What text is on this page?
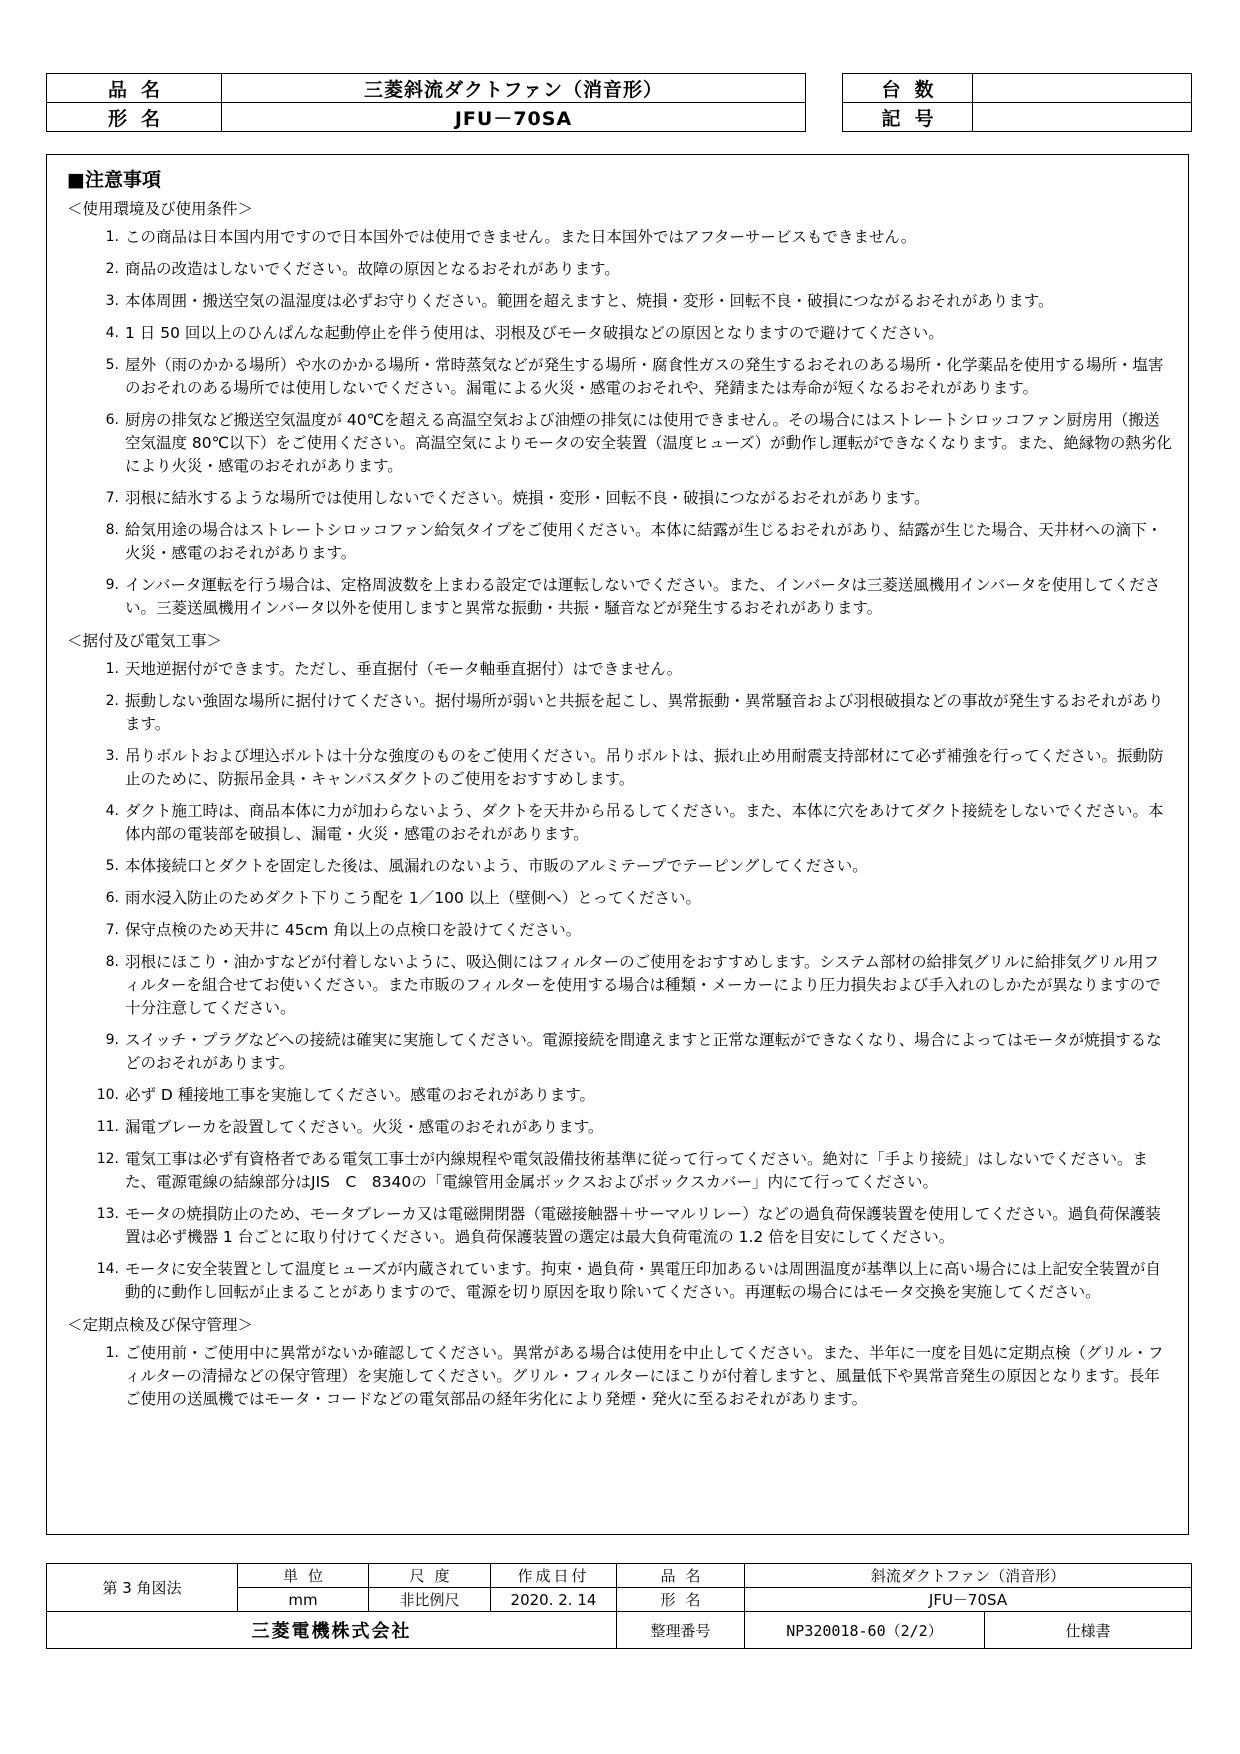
品名	三菱斜流ダクトファン（消音形）
形名	JFU－70SA
台数	
記号	
■注意事項
＜使用環境及び使用条件＞
1. この商品は日本国内用ですので日本国外では使用できません。また日本国外ではアフターサービスもできません。
2. 商品の改造はしないでください。故障の原因となるおそれがあります。
3. 本体周囲・搬送空気の温湿度は必ずお守りください。範囲を超えますと、焼損・変形・回転不良・破損につながるおそれがあります。
4. 1 日 50 回以上のひんぱんな起動停止を伴う使用は、羽根及びモータ破損などの原因となりますので避けてください。
5. 屋外（雨のかかる場所）や水のかかる場所・常時蒸気などが発生する場所・腐食性ガスの発生するおそれのある場所・化学薬品を使用する場所・塩害のおそれのある場所では使用しないでください。漏電による火災・感電のおそれや、発錆または寿命が短くなるおそれがあります。
6. 厨房の排気など搬送空気温度が 40℃を超える高温空気および油煙の排気には使用できません。その場合にはストレートシロッコファン厨房用（搬送空気温度 80℃以下）をご使用ください。高温空気によりモータの安全装置（温度ヒューズ）が動作し運転ができなくなります。また、絶縁物の熱劣化により火災・感電のおそれがあります。
7. 羽根に結氷するような場所では使用しないでください。焼損・変形・回転不良・破損につながるおそれがあります。
8. 給気用途の場合はストレートシロッコファン給気タイプをご使用ください。本体に結露が生じるおそれがあり、結露が生じた場合、天井材への滴下・火災・感電のおそれがあります。
9. インバータ運転を行う場合は、定格周波数を上まわる設定では運転しないでください。また、インバータは三菱送風機用インバータを使用してください。三菱送風機用インバータ以外を使用しますと異常な振動・共振・騒音などが発生するおそれがあります。
＜据付及び電気工事＞
1. 天地逆据付ができます。ただし、垂直据付（モータ軸垂直据付）はできません。
2. 振動しない強固な場所に据付けてください。据付場所が弱いと共振を起こし、異常振動・異常騒音および羽根破損などの事故が発生するおそれがあります。
3. 吊りボルトおよび埋込ボルトは十分な強度のものをご使用ください。吊りボルトは、振れ止め用耐震支持部材にて必ず補強を行ってください。振動防止のために、防振吊金具・キャンバスダクトのご使用をおすすめします。
4. ダクト施工時は、商品本体に力が加わらないよう、ダクトを天井から吊るしてください。また、本体に穴をあけてダクト接続をしないでください。本体内部の電装部を破損し、漏電・火災・感電のおそれがあります。
5. 本体接続口とダクトを固定した後は、風漏れのないよう、市販のアルミテープでテーピングしてください。
6. 雨水浸入防止のためダクト下りこう配を 1／100 以上（壁側へ）とってください。
7. 保守点検のため天井に 45cm 角以上の点検口を設けてください。
8. 羽根にほこり・油かすなどが付着しないように、吸込側にはフィルターのご使用をおすすめします。システム部材の給排気グリルに給排気グリル用フィルターを組合せてお使いください。また市販のフィルターを使用する場合は種類・メーカーにより圧力損失および手入れのしかたが異なりますので十分注意してください。
9. スイッチ・プラグなどへの接続は確実に実施してください。電源接続を間違えますと正常な運転ができなくなり、場合によってはモータが焼損するなどのおそれがあります。
10. 必ず D 種接地工事を実施してください。感電のおそれがあります。
11. 漏電ブレーカを設置してください。火災・感電のおそれがあります。
12. 電気工事は必ず有資格者である電気工事士が内線規程や電気設備技術基準に従って行ってください。絶対に「手より接続」はしないでください。また、電源電線の結線部分はJIS　C　8340の「電線管用金属ボックスおよびボックスカバー」内にて行ってください。
13. モータの焼損防止のため、モータブレーカ又は電磁開閉器（電磁接触器＋サーマルリレー）などの過負荷保護装置を使用してください。過負荷保護装置は必ず機器 1 台ごとに取り付けてください。過負荷保護装置の選定は最大負荷電流の 1.2 倍を目安にしてください。
14. モータに安全装置として温度ヒューズが内蔵されています。拘束・過負荷・異電圧印加あるいは周囲温度が基準以上に高い場合には上記安全装置が自動的に動作し回転が止まることがありますので、電源を切り原因を取り除いてください。再運転の場合にはモータ交換を実施してください。
＜定期点検及び保守管理＞
1. ご使用前・ご使用中に異常がないか確認してください。異常がある場合は使用を中止してください。また、半年に一度を目処に定期点検（グリル・フィルターの清掃などの保守管理）を実施してください。グリル・フィルターにほこりが付着しますと、風量低下や異常音発生の原因となります。長年ご使用の送風機ではモータ・コードなどの電気部品の経年劣化により発煙・発火に至るおそれがあります。
第 3 角図法	単位	尺度	作成日付	品名	斜流ダクトファン（消音形）	
	mm	非比例尺	2020. 2. 14	形名	JFU－70SA	
三菱電機株式会社				整理番号	NP320018-60（2/2）	仕様書
